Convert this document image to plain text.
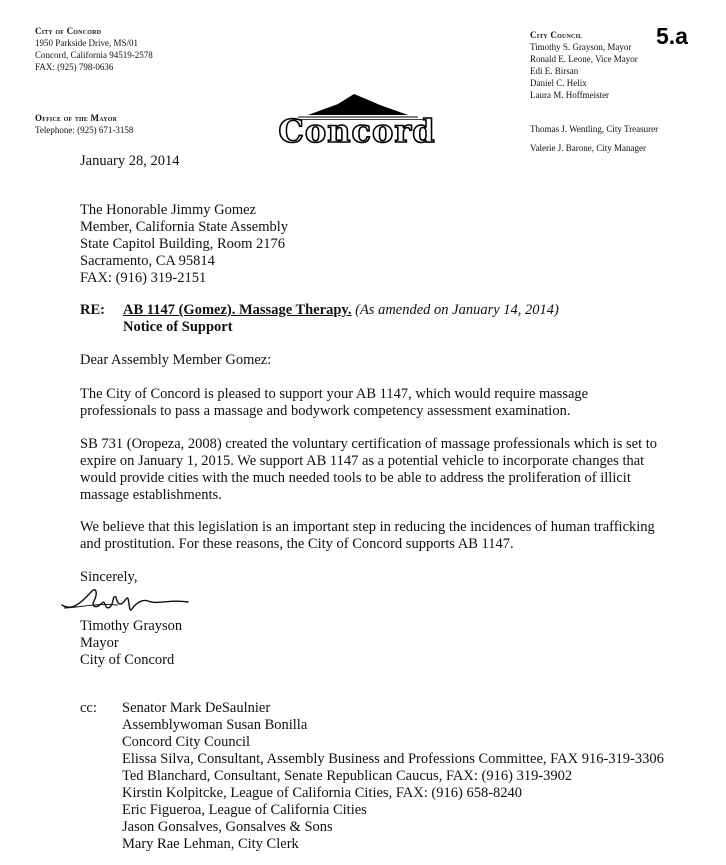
City of Concord
1950 Parkside Drive, MS/01
Concord, California 94519-2578
FAX: (925) 798-0636
Office of the Mayor
Telephone: (925) 671-3158	Concord
5.a
City Council
Timothy S. Grayson, Mayor
Ronald E. Leone, Vice Mayor
Edi E. Birsan
Daniel C. Helix
Laura M. Hoffmeister
Thomas J. Wentling, City Treasurer
Valerie J. Barone, City Manager
January 28, 2014
The Honorable Jimmy Gomez
Member, California State Assembly
State Capitol Building, Room 2176
Sacramento, CA 95814
FAX: (916) 319-2151
RE: AB 1147 (Gomez). Massage Therapy. (As amended on January 14, 2014)
Notice of Support
Dear Assembly Member Gomez:
The City of Concord is pleased to support your AB 1147, which would require massage
professionals to pass a massage and bodywork competency assessment examination.
SB 731 (Oropeza, 2008) created the voluntary certification of massage professionals which is set to
expire on January 1, 2015. We support AB 1147 as a potential vehicle to incorporate changes that
would provide cities with the much needed tools to be able to address the proliferation of illicit
massage establishments.
We believe that this legislation is an important step in reducing the incidences of human trafficking
and prostitution. For these reasons, the City of Concord supports AB 1147.
Sincerely,
Timothy Grayson
Mayor
City of Concord
cc: Senator Mark DeSaulnier
Assemblywoman Susan Bonilla
Concord City Council
Elissa Silva, Consultant, Assembly Business and Professions Committee, FAX 916-319-3306
Ted Blanchard, Consultant, Senate Republican Caucus, FAX: (916) 319-3902
Kirstin Kolpitcke, League of California Cities, FAX: (916) 658-8240
Eric Figueroa, League of California Cities
Jason Gonsalves, Gonsalves & Sons
Mary Rae Lehman, City Clerk
